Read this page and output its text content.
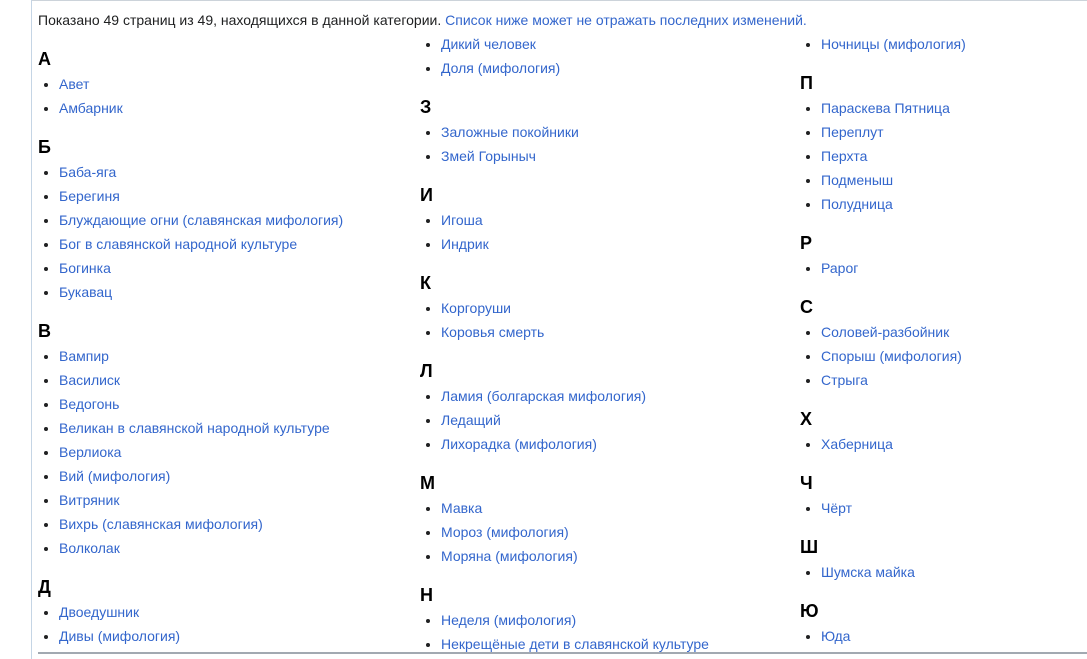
Показано 49 страниц из 49, находящихся в данной категории. Список ниже может не отражать последних изменений.

А
• Авет
• Амбарник
Б
• Баба-яга
• Берегиня
• Блуждающие огни (славянская мифология)
• Бог в славянской народной культуре
• Богинка
• Букавац
В
• Вампир
• Василиск
• Ведогонь
• Великан в славянской народной культуре
• Верлиока
• Вий (мифология)
• Витряник
• Вихрь (славянская мифология)
• Волколак
Д
• Двоедушник
• Дивы (мифология)
• Дикий человек
• Доля (мифология)
З
• Заложные покойники
• Змей Горыныч
И
• Игоша
• Индрик
К
• Коргоруши
• Коровья смерть
Л
• Ламия (болгарская мифология)
• Ледащий
• Лихорадка (мифология)
М
• Мавка
• Мороз (мифология)
• Моряна (мифология)
Н
• Неделя (мифология)
• Некрещёные дети в славянской культуре
• Ночницы (мифология)
П
• Параскева Пятница
• Переплут
• Перхта
• Подменыш
• Полудница
Р
• Рарог
С
• Соловей-разбойник
• Спорыш (мифология)
• Стрыга
Х
• Хаберница
Ч
• Чёрт
Ш
• Шумска майка
Ю
• Юда
